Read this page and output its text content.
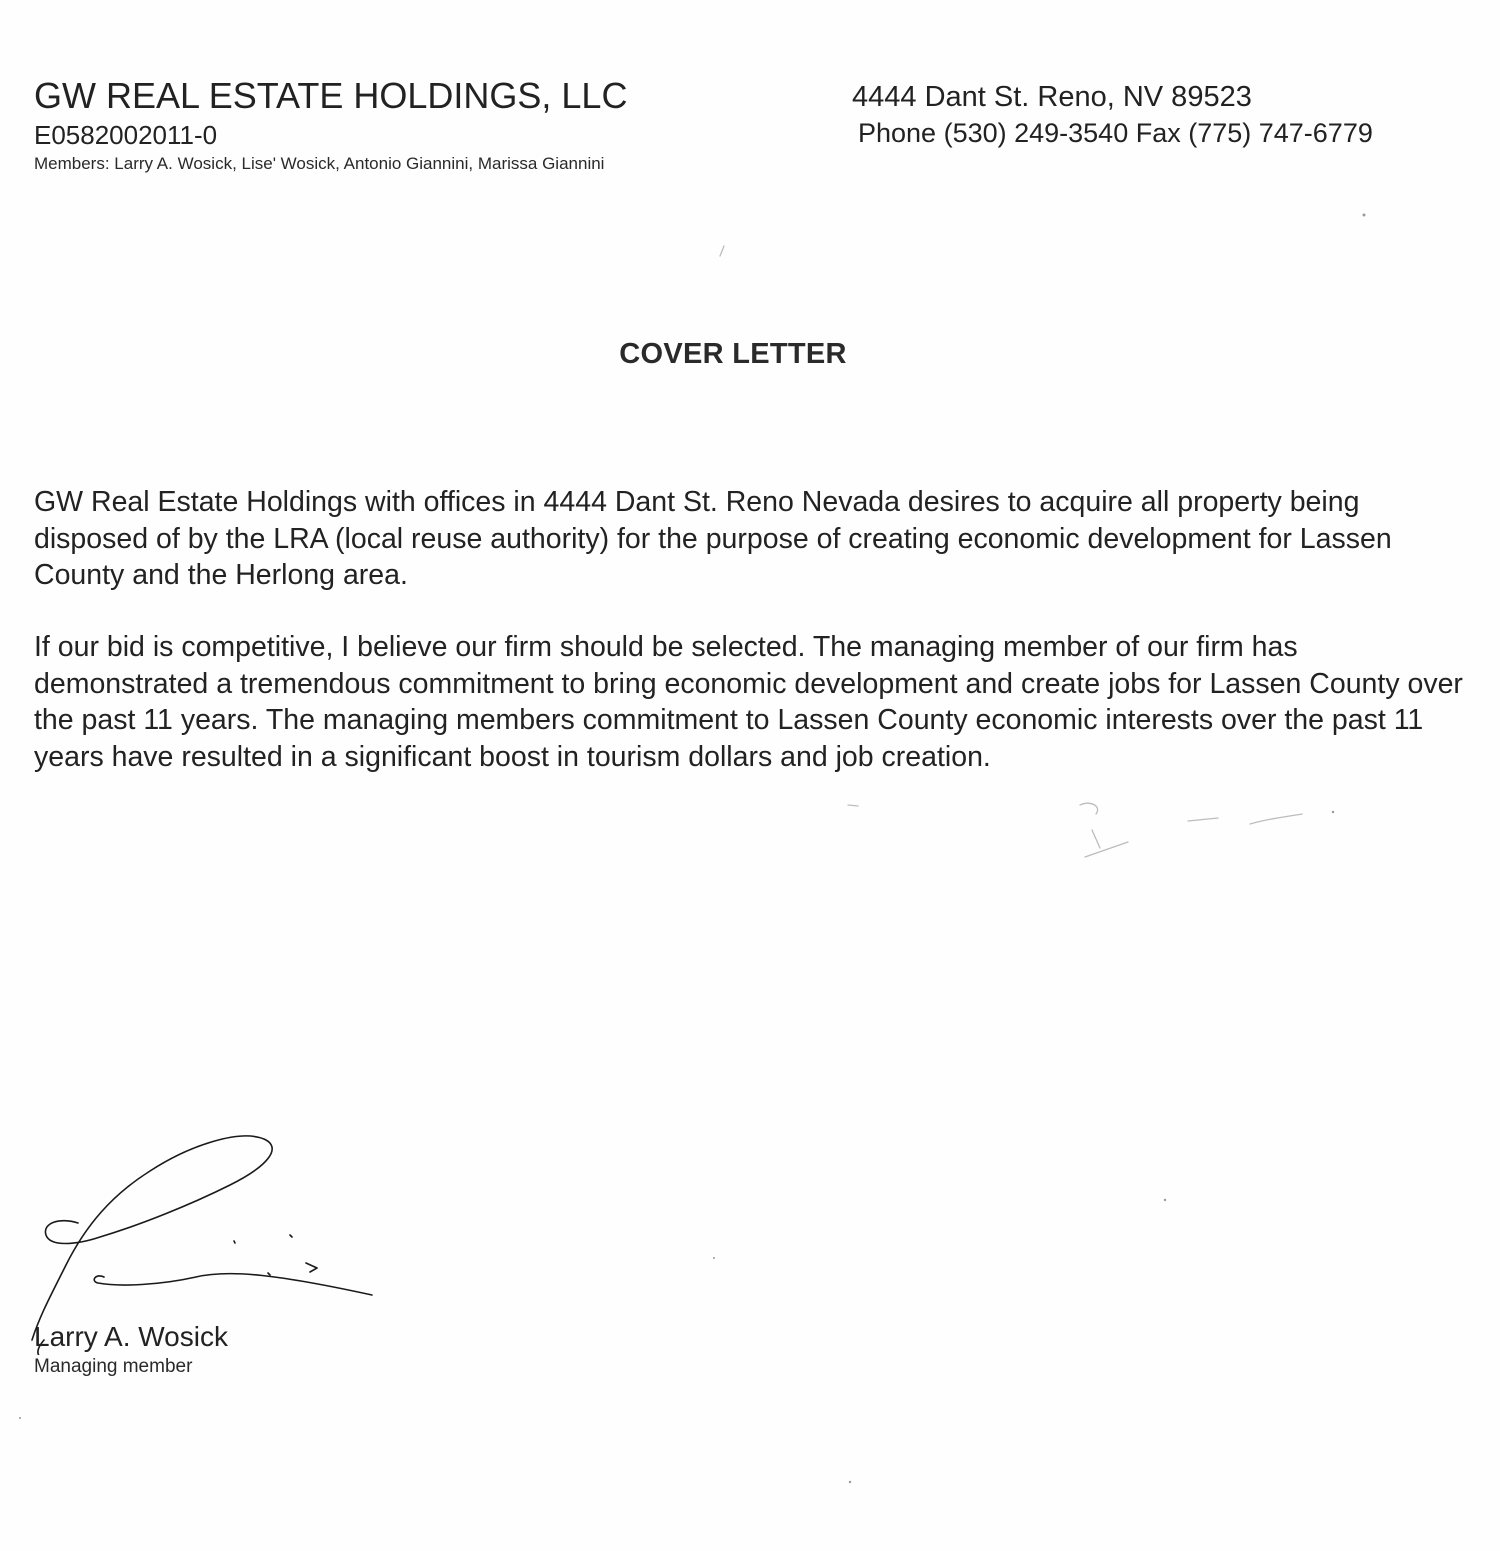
GW REAL ESTATE HOLDINGS, LLC
E0582002011-0
Members: Larry A. Wosick, Lise' Wosick, Antonio Giannini, Marissa Giannini
4444 Dant St. Reno, NV 89523
Phone (530) 249-3540 Fax (775) 747-6779
COVER LETTER

GW Real Estate Holdings with offices in 4444 Dant St. Reno Nevada desires to acquire all property being disposed of by the LRA (local reuse authority) for the purpose of creating economic development for Lassen County and the Herlong area.

If our bid is competitive, I believe our firm should be selected. The managing member of our firm has demonstrated a tremendous commitment to bring economic development and create jobs for Lassen County over the past 11 years. The managing members commitment to Lassen County economic interests over the past 11 years have resulted in a significant boost in tourism dollars and job creation.

Larry A. Wosick
Managing member
